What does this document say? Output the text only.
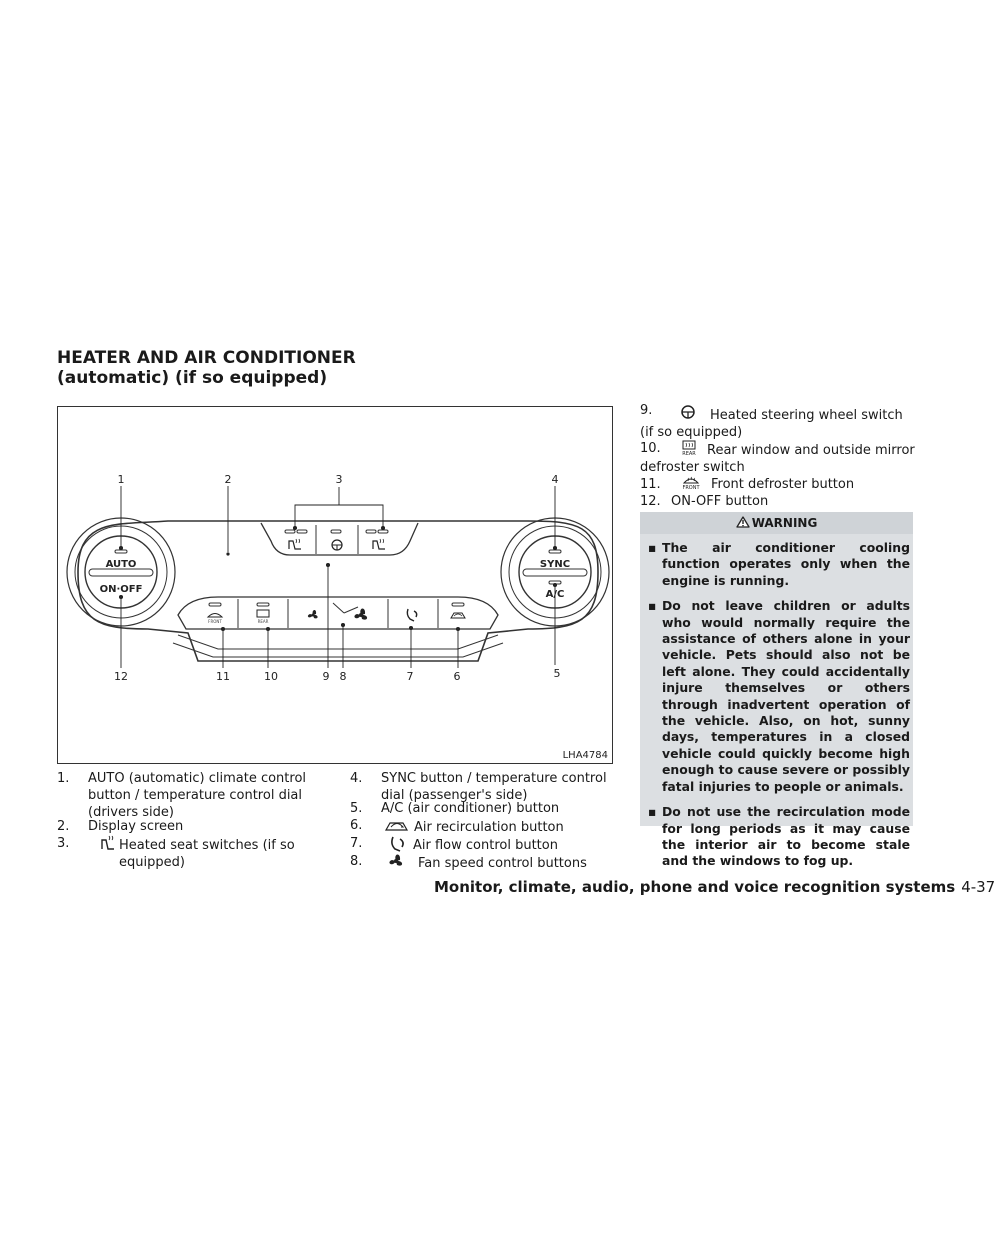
HEATER AND AIR CONDITIONER
(automatic) (if so equipped)
AUTO
ON·OFF
SYNC
A/C
FRONT	REAR
1	2	3	4
5
6
7
8
9
10
11
12
LHA4784
1. AUTO (automatic) climate control button / temperature control dial (drivers side)
2. Display screen
3.	Heated seat switches (if so equipped)
4. SYNC button / temperature control dial (passenger's side)
5. A/C (air conditioner) button
6.	Air recirculation button
7.	Air flow control button
8.	Fan speed control buttons
9.	Heated steering wheel switch (if so equipped)
10.	REAR Rear window and outside mirror defroster switch
11.	FRONT Front defroster button
12. ON-OFF button
WARNING
▪ The air conditioner cooling function operates only when the engine is running.
▪ Do not leave children or adults who would normally require the assistance of others alone in your vehicle. Pets should also not be left alone. They could accidentally injure themselves or others through inadvertent operation of the vehicle. Also, on hot, sunny days, temperatures in a closed vehicle could quickly become high enough to cause severe or possibly fatal injuries to people or animals.
▪ Do not use the recirculation mode for long periods as it may cause the interior air to become stale and the windows to fog up.
Monitor, climate, audio, phone and voice recognition systems 4-37
